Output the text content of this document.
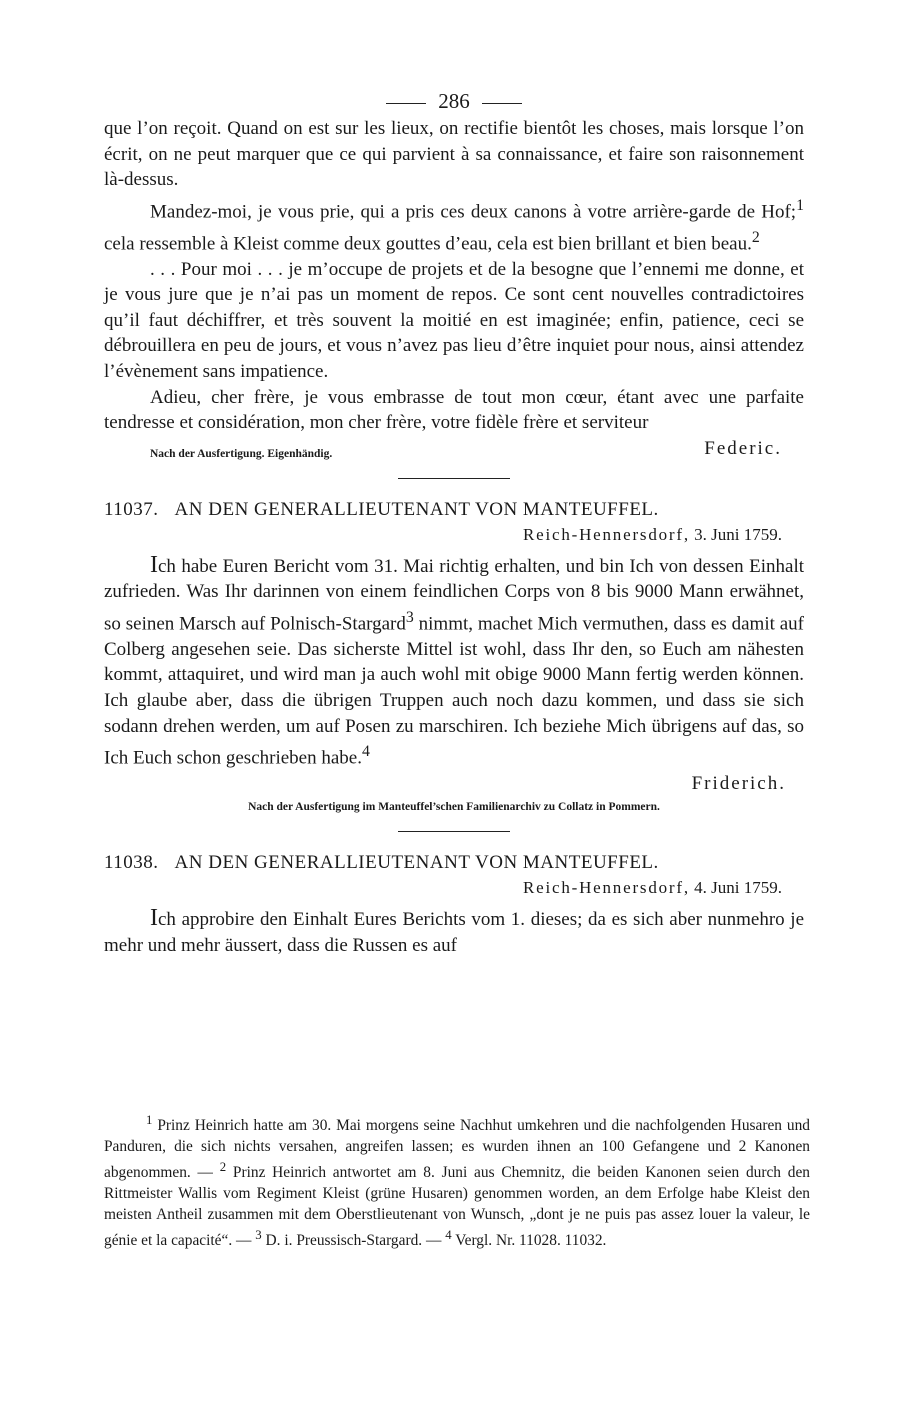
286

que l’on reçoit. Quand on est sur les lieux, on rectifie bientôt les choses, mais lorsque l’on écrit, on ne peut marquer que ce qui parvient à sa connaissance, et faire son raisonnement là-dessus.

Mandez-moi, je vous prie, qui a pris ces deux canons à votre arrière-garde de Hof;$^1$ cela ressemble à Kleist comme deux gouttes d’eau, cela est bien brillant et bien beau.$^2$

. . . Pour moi . . . je m’occupe de projets et de la besogne que l’ennemi me donne, et je vous jure que je n’ai pas un moment de repos. Ce sont cent nouvelles contradictoires qu’il faut déchiffrer, et très souvent la moitié en est imaginée; enfin, patience, ceci se débrouillera en peu de jours, et vous n’avez pas lieu d’être inquiet pour nous, ainsi attendez l’évènement sans impatience.

Adieu, cher frère, je vous embrasse de tout mon cœur, étant avec une parfaite tendresse et considération, mon cher frère, votre fidèle frère et serviteur

Nach der Ausfertigung. Eigenhändig.	Federic.
11037. AN DEN GENERALLIEUTENANT VON MANTEUFFEL.
Reich-Hennersdorf, 3. Juni 1759.

Ich habe Euren Bericht vom 31. Mai richtig erhalten, und bin Ich von dessen Einhalt zufrieden. Was Ihr darinnen von einem feindlichen Corps von 8 bis 9000 Mann erwähnet, so seinen Marsch auf Polnisch-Stargard$^3$ nimmt, machet Mich vermuthen, dass es damit auf Colberg angesehen seie. Das sicherste Mittel ist wohl, dass Ihr den, so Euch am nähesten kommt, attaquiret, und wird man ja auch wohl mit obige 9000 Mann fertig werden können. Ich glaube aber, dass die übrigen Truppen auch noch dazu kommen, und dass sie sich sodann drehen werden, um auf Posen zu marschiren. Ich beziehe Mich übrigens auf das, so Ich Euch schon geschrieben habe.$^4$

Friderich.
Nach der Ausfertigung im Manteuffel’schen Familienarchiv zu Collatz in Pommern.
11038. AN DEN GENERALLIEUTENANT VON MANTEUFFEL.
Reich-Hennersdorf, 4. Juni 1759.

Ich approbire den Einhalt Eures Berichts vom 1. dieses; da es sich aber nunmehro je mehr und mehr äussert, dass die Russen es auf

$^1$ Prinz Heinrich hatte am 30. Mai morgens seine Nachhut umkehren und die nachfolgenden Husaren und Panduren, die sich nichts versahen, angreifen lassen; es wurden ihnen an 100 Gefangene und 2 Kanonen abgenommen. — $^2$ Prinz Heinrich antwortet am 8. Juni aus Chemnitz, die beiden Kanonen seien durch den Rittmeister Wallis vom Regiment Kleist (grüne Husaren) genommen worden, an dem Erfolge habe Kleist den meisten Antheil zusammen mit dem Oberstlieutenant von Wunsch, „dont je ne puis pas assez louer la valeur, le génie et la capacité“. — $^3$ D. i. Preussisch-Stargard. — $^4$ Vergl. Nr. 11028. 11032.
